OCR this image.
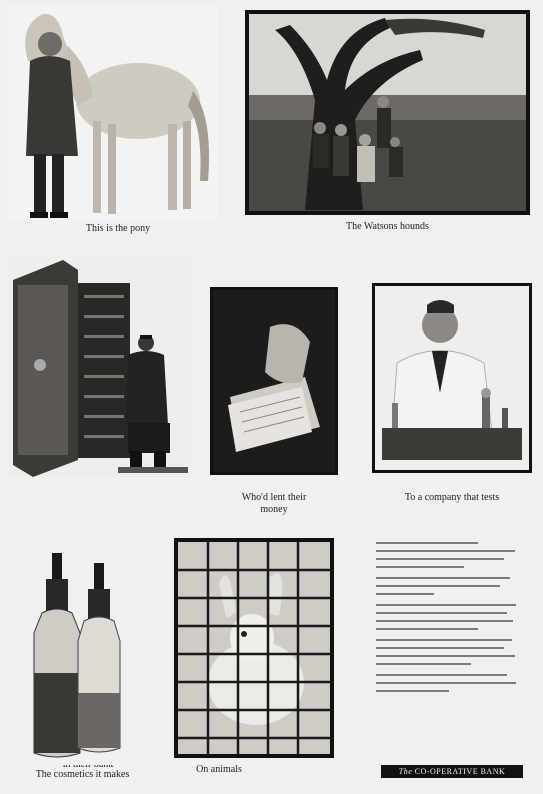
This is the pony	The Watsons hounds
Who'd lent their
money
To a company that tests
The cosmetics it makes	On animals	The CO-OPERATIVE BANK
